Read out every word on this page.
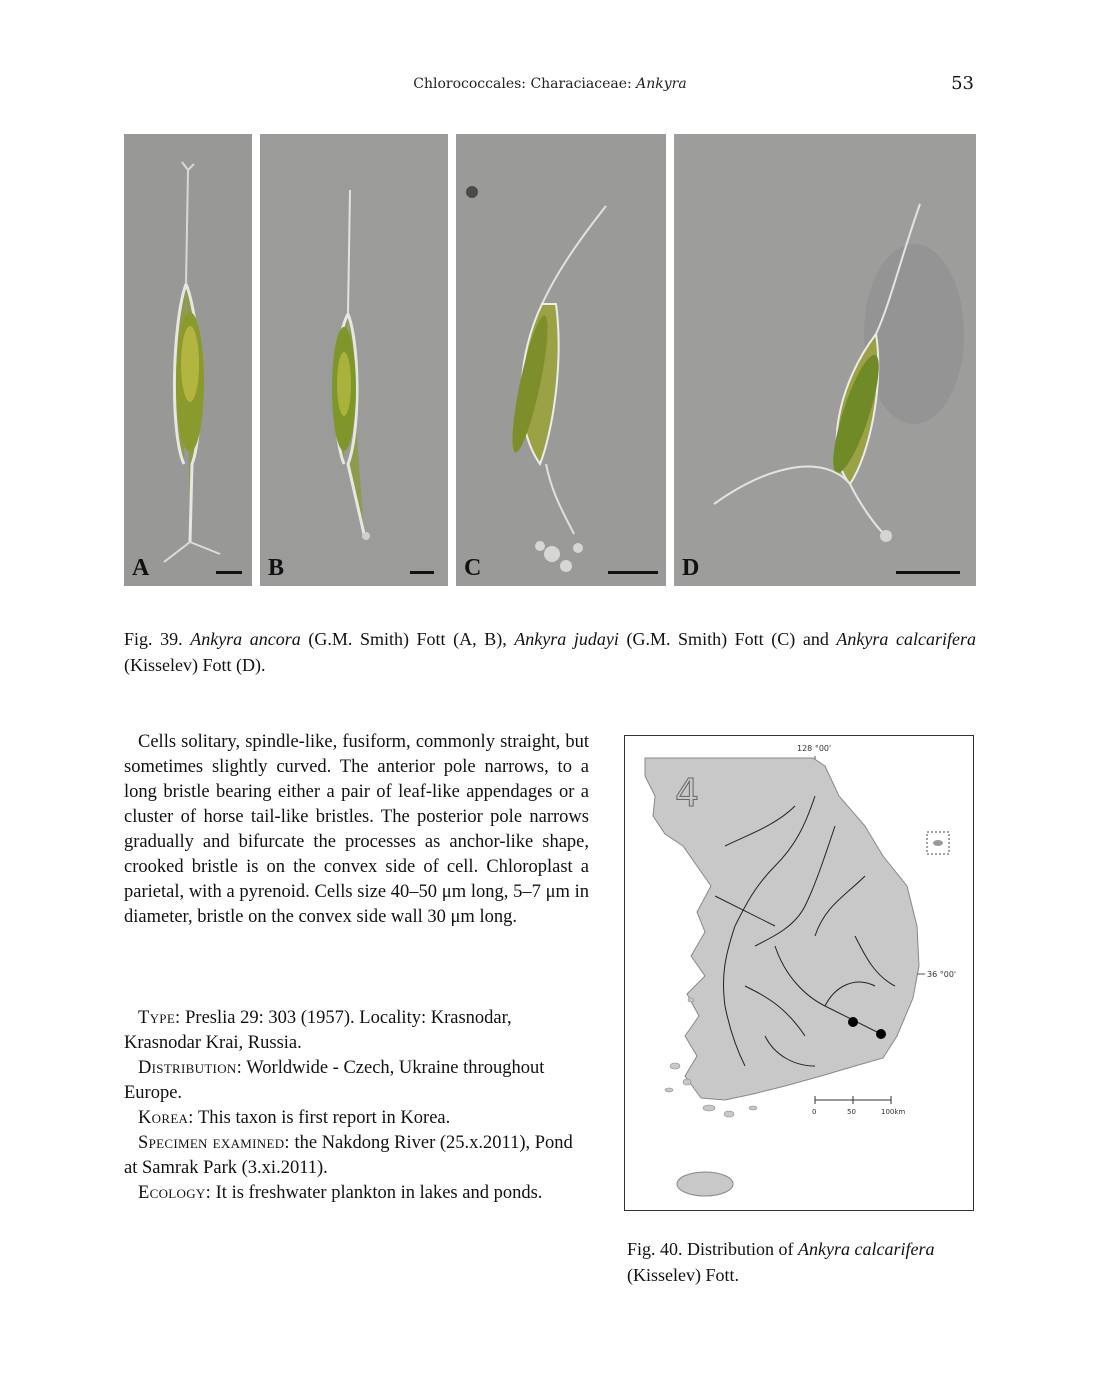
Chlorococcales: Characiaceae: Ankyra	53
A	B	C	D
Fig. 39. Ankyra ancora (G.M. Smith) Fott (A, B), Ankyra judayi (G.M. Smith) Fott (C) and Ankyra calcarifera (Kisselev) Fott (D).

Cells solitary, spindle-like, fusiform, commonly straight, but sometimes slightly curved. The anterior pole narrows, to a long bristle bearing either a pair of leaf-like appendages or a cluster of horse tail-like bristles. The posterior pole narrows gradually and bifurcate the processes as anchor-like shape, crooked bristle is on the convex side of cell. Chloroplast a parietal, with a pyrenoid. Cells size 40–50 μm long, 5–7 μm in diameter, bristle on the convex side wall 30 μm long.

Type: Preslia 29: 303 (1957). Locality: Krasnodar, Krasnodar Krai, Russia.

Distribution: Worldwide - Czech, Ukraine throughout Europe.

Korea: This taxon is first report in Korea.

Specimen examined: the Nakdong River (25.x.2011), Pond at Samrak Park (3.xi.2011).

Ecology: It is freshwater plankton in lakes and ponds.

128 °00'
4
36 °00'
0	50	100km
Fig. 40. Distribution of Ankyra calcarifera (Kisselev) Fott.
